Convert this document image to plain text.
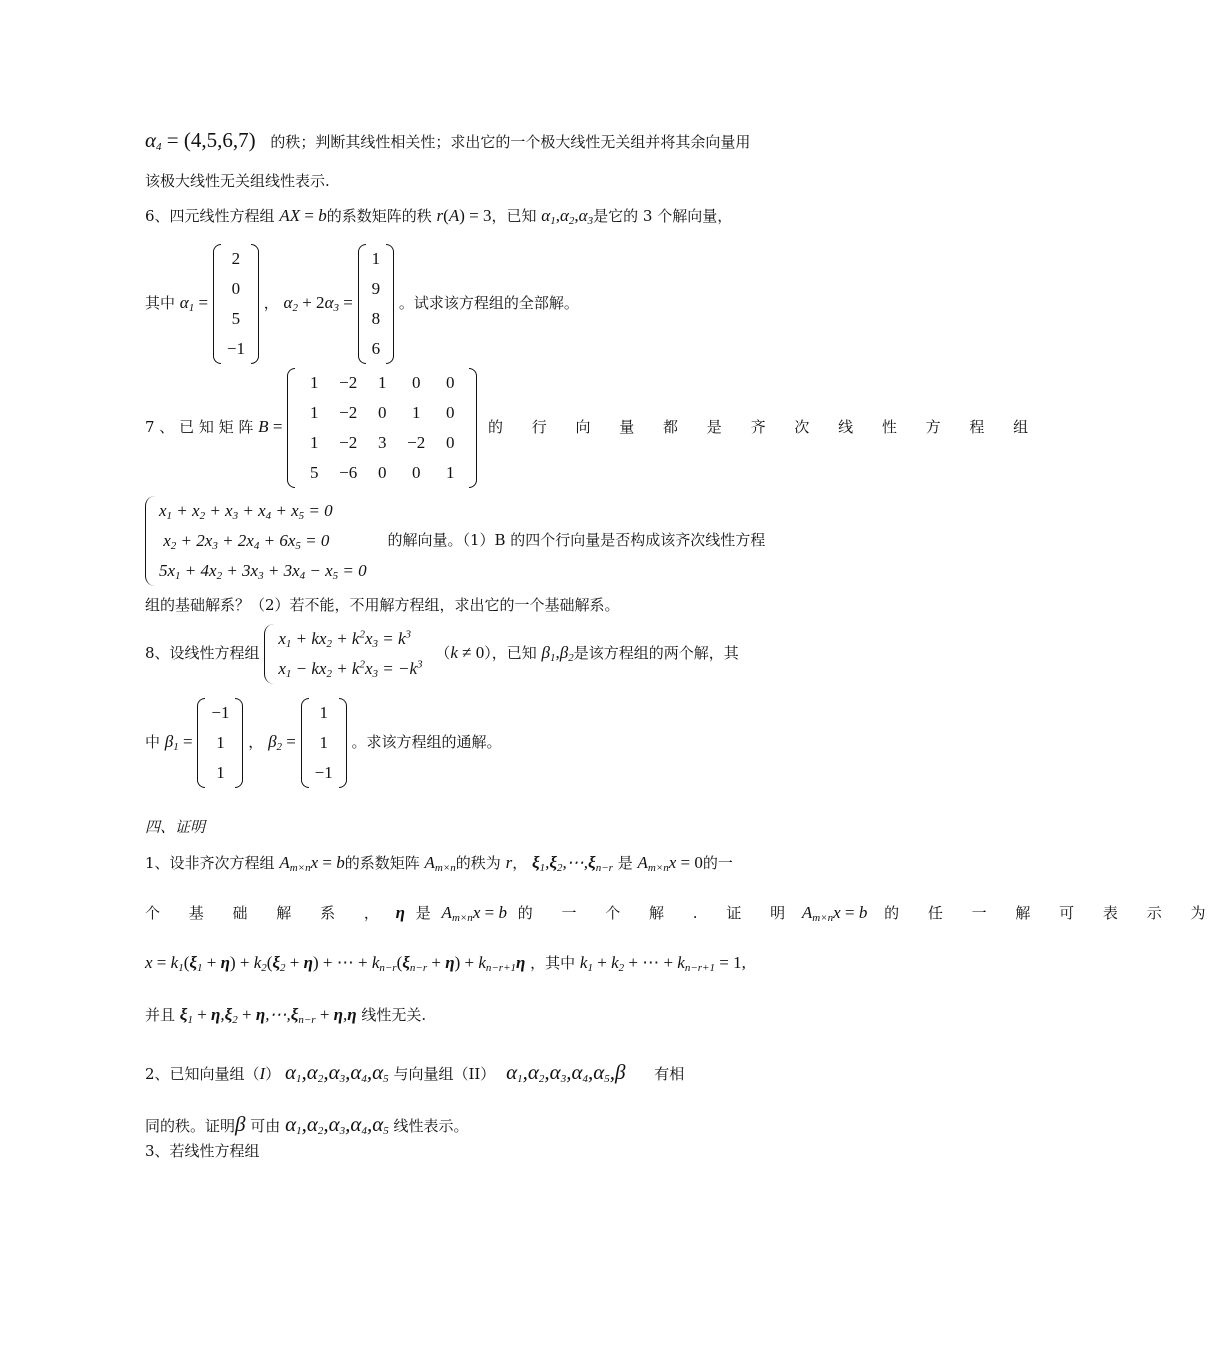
$\alpha_4 = (4,5,6,7)$ 的秩；判断其线性相关性；求出它的一个极大线性无关组并将其余向量用
该极大线性无关组线性表示.
6、四元线性方程组 AX = b的系数矩阵的秩 r(A) = 3，已知 $\alpha_1,\alpha_2,\alpha_3$是它的 3 个解向量，
其中 $\alpha_1$ =
2
0
5
−1
， $\alpha_2 + 2\alpha_3$ =
1
9
8
6
。试求该方程组的全部解。
7 、 已 知 矩 阵 B =
1	−2	1	0	0
1	−2	0	1	0
1	−2	3	−2	0
5	−6	0	0	1
的 行 向 量 都 是 齐 次 线 性 方 程 组
$x_1 + x_2 + x_3 + x_4 + x_5 = 0$
$x_2 + 2x_3 + 2x_4 + 6x_5 = 0$
$5x_1 + 4x_2 + 3x_3 + 3x_4 - x_5 = 0$
的解向量。（1）B 的四个行向量是否构成该齐次线性方程
组的基础解系？（2）若不能，不用解方程组，求出它的一个基础解系。
8、设线性方程组
$x_1 + kx_2 + k^2x_3 = k^3$
$x_1 - kx_2 + k^2x_3 = -k^3$
（k ≠ 0），已知 $\beta_1,\beta_2$是该方程组的两个解，其
中 $\beta_1$ =
−1
1
1
， $\beta_2$ =
1
1
−1
。求该方程组的通解。
四、证明
1、设非齐次方程组 $A_{m\times n}x = b$的系数矩阵 $A_{m\times n}$的秩为 r， $\xi_1,\xi_2,\cdots,\xi_{n-r}$ 是 $A_{m\times n}x = 0$的一
个 基 础 解 系 ， η 是 $A_{m\times n}x = b$ 的 一 个 解 . 证 明 $A_{m\times n}x = b$ 的 任 一 解 可 表 示 为
$x = k_1(\xi_1 + \eta) + k_2(\xi_2 + \eta)$ + ⋯ + $k_{n-r}(\xi_{n-r} + \eta) + k_{n-r+1}\eta$ ，其中 $k_1 + k_2$ + ⋯ + $k_{n-r+1} = 1$,
并且 $\xi_1 + \eta,\xi_2$ + $\eta,\cdots,\xi_{n-r} + \eta,\eta$ 线性无关.
2、已知向量组（I） $\alpha_1,\alpha_2,\alpha_3,\alpha_4,\alpha_5$ 与向量组（II） $\alpha_1,\alpha_2,\alpha_3,\alpha_4,\alpha_5,\beta$ 有相
同的秩。证明β 可由 $\alpha_1,\alpha_2,\alpha_3,\alpha_4,\alpha_5$ 线性表示。
3、若线性方程组
